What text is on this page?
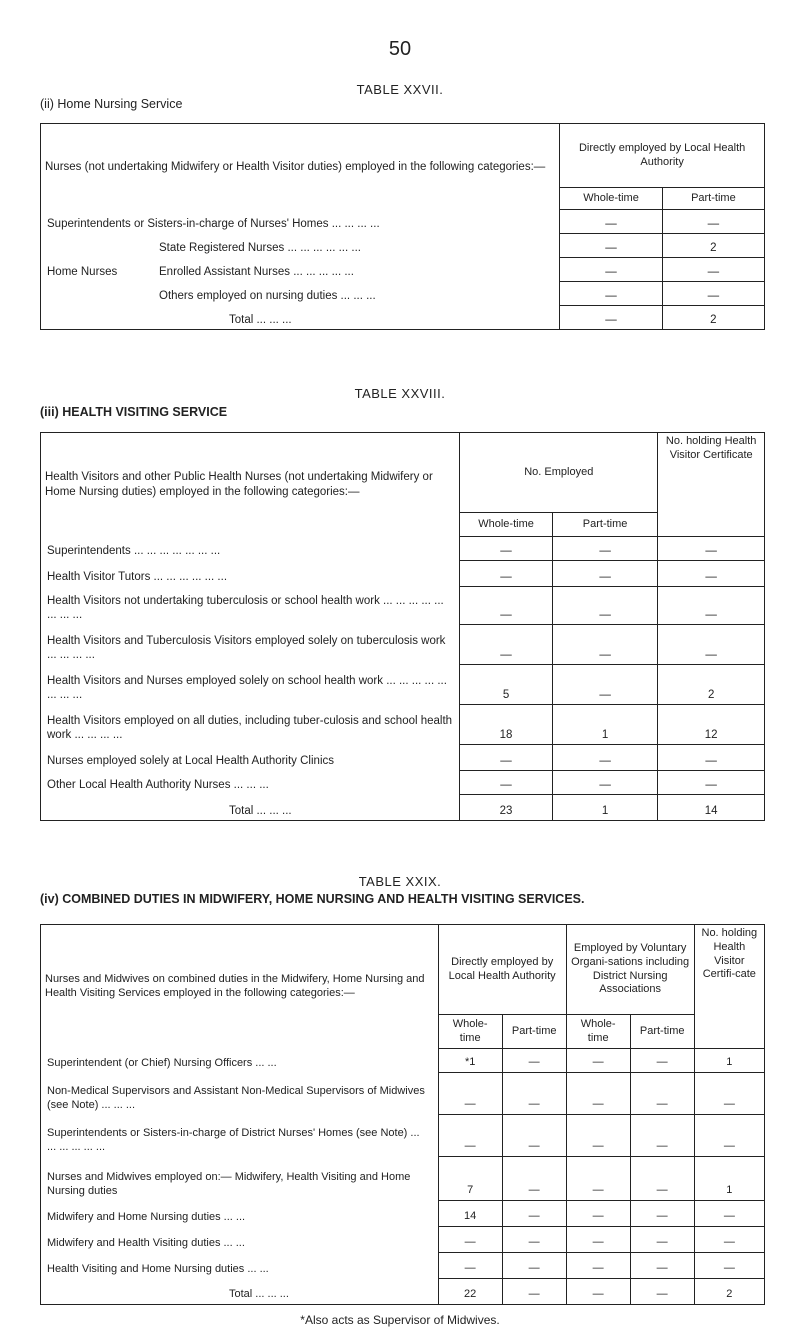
50
TABLE XXVII.
(ii) Home Nursing Service
Nurses (not undertaking Midwifery or Health Visitor duties) employed in the following categories:—	Directly employed by Local Health Authority	
	Whole-time	Part-time
Superintendents or Sisters-in-charge of Nurses' Homes ... ... ... ...	—	—
State Registered Nurses ... ... ... ... ... ...	—	2
Home Nurses Enrolled Assistant Nurses ... ... ... ... ...	—	—
Others employed on nursing duties ... ... ...	—	—
Total ... ... ...	—	2
TABLE XXVIII.
(iii) HEALTH VISITING SERVICE
Health Visitors and other Public Health Nurses (not undertaking Midwifery or Home Nursing duties) employed in the following categories:—	No. Employed		No. holding Health Visitor Certificate
	Whole-time	Part-time	
Superintendents ... ... ... ... ... ... ...	—	—	—
Health Visitor Tutors ... ... ... ... ... ...	—	—	—
Health Visitors not undertaking tuberculosis or school health work ... ... ... ... ... ... ... ...	—	—	—
Health Visitors and Tuberculosis Visitors employed solely on tuberculosis work ... ... ... ...	—	—	—
Health Visitors and Nurses employed solely on school health work ... ... ... ... ... ... ... ...	5	—	2
Health Visitors employed on all duties, including tuber-culosis and school health work ... ... ... ...	18	1	12
Nurses employed solely at Local Health Authority Clinics	—	—	—
Other Local Health Authority Nurses ... ... ...	—	—	—
Total ... ... ...	23	1	14
TABLE XXIX.
(iv) COMBINED DUTIES IN MIDWIFERY, HOME NURSING AND HEALTH VISITING SERVICES.
Nurses and Midwives on combined duties in the Midwifery, Home Nursing and Health Visiting Services employed in the following categories:—	Directly employed by Local Health Authority		Employed by Voluntary Organi-sations including District Nursing Associations		No. holding Health Visitor Certifi-cate
	Whole-time	Part-time	Whole-time	Part-time	
Superintendent (or Chief) Nursing Officers ... ...	*1	—	—	—	1
Non-Medical Supervisors and Assistant Non-Medical Supervisors of Midwives (see Note) ... ... ...	—	—	—	—	—
Superintendents or Sisters-in-charge of District Nurses' Homes (see Note) ... ... ... ... ... ...	—	—	—	—	—
Nurses and Midwives employed on:— Midwifery, Health Visiting and Home Nursing duties	7	—	—	—	1
Midwifery and Home Nursing duties ... ...	14	—	—	—	—
Midwifery and Health Visiting duties ... ...	—	—	—	—	—
Health Visiting and Home Nursing duties ... ...	—	—	—	—	—
Total ... ... ...	22	—	—	—	2
*Also acts as Supervisor of Midwives.
